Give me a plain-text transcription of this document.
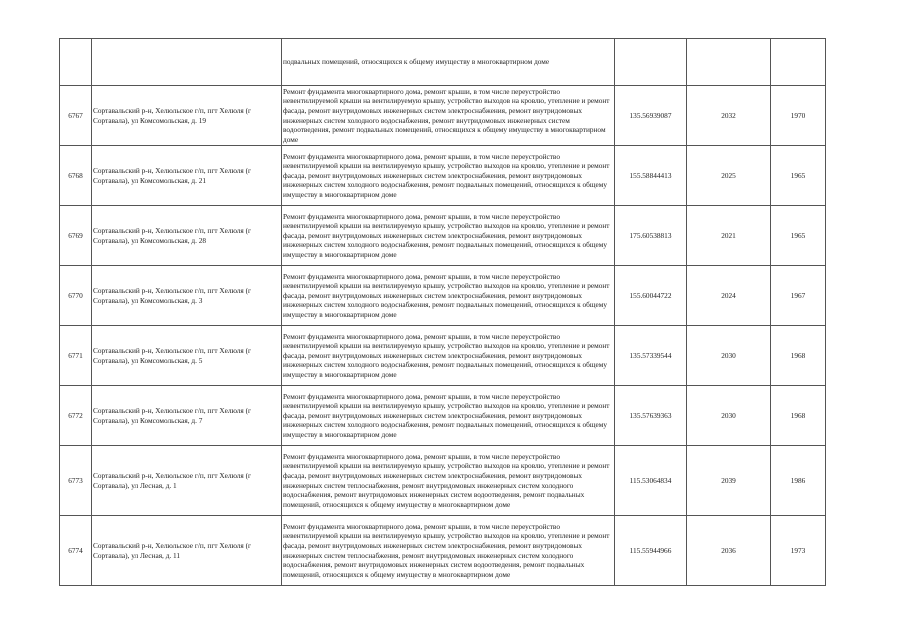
		подвальных помещений, относящихся к общему имуществу в многоквартирном доме			
6767	Сортавальский р-н, Хелюльское г/п, пгт Хелюля (г Сортавала), ул Комсомольская, д. 19	Ремонт фундамента многоквартирного дома, ремонт крыши, в том числе переустройство невентилируемой крыши на вентилируемую крышу, устройство выходов на кровлю, утепление и ремонт фасада, ремонт внутридомовых инженерных систем электроснабжения, ремонт внутридомовых инженерных систем холодного водоснабжения, ремонт внутридомовых инженерных систем водоотведения, ремонт подвальных помещений, относящихся к общему имуществу в многоквартирном доме	135.56939087	2032	1970
6768	Сортавальский р-н, Хелюльское г/п, пгт Хелюля (г Сортавала), ул Комсомольская, д. 21	Ремонт фундамента многоквартирного дома, ремонт крыши, в том числе переустройство невентилируемой крыши на вентилируемую крышу, устройство выходов на кровлю, утепление и ремонт фасада, ремонт внутридомовых инженерных систем электроснабжения, ремонт внутридомовых инженерных систем холодного водоснабжения, ремонт подвальных помещений, относящихся к общему имуществу в многоквартирном доме	155.58844413	2025	1965
6769	Сортавальский р-н, Хелюльское г/п, пгт Хелюля (г Сортавала), ул Комсомольская, д. 28	Ремонт фундамента многоквартирного дома, ремонт крыши, в том числе переустройство невентилируемой крыши на вентилируемую крышу, устройство выходов на кровлю, утепление и ремонт фасада, ремонт внутридомовых инженерных систем электроснабжения, ремонт внутридомовых инженерных систем холодного водоснабжения, ремонт подвальных помещений, относящихся к общему имуществу в многоквартирном доме	175.60538813	2021	1965
6770	Сортавальский р-н, Хелюльское г/п, пгт Хелюля (г Сортавала), ул Комсомольская, д. 3	Ремонт фундамента многоквартирного дома, ремонт крыши, в том числе переустройство невентилируемой крыши на вентилируемую крышу, устройство выходов на кровлю, утепление и ремонт фасада, ремонт внутридомовых инженерных систем электроснабжения, ремонт внутридомовых инженерных систем холодного водоснабжения, ремонт подвальных помещений, относящихся к общему имуществу в многоквартирном доме	155.60044722	2024	1967
6771	Сортавальский р-н, Хелюльское г/п, пгт Хелюля (г Сортавала), ул Комсомольская, д. 5	Ремонт фундамента многоквартирного дома, ремонт крыши, в том числе переустройство невентилируемой крыши на вентилируемую крышу, устройство выходов на кровлю, утепление и ремонт фасада, ремонт внутридомовых инженерных систем электроснабжения, ремонт внутридомовых инженерных систем холодного водоснабжения, ремонт подвальных помещений, относящихся к общему имуществу в многоквартирном доме	135.57339544	2030	1968
6772	Сортавальский р-н, Хелюльское г/п, пгт Хелюля (г Сортавала), ул Комсомольская, д. 7	Ремонт фундамента многоквартирного дома, ремонт крыши, в том числе переустройство невентилируемой крыши на вентилируемую крышу, устройство выходов на кровлю, утепление и ремонт фасада, ремонт внутридомовых инженерных систем электроснабжения, ремонт внутридомовых инженерных систем холодного водоснабжения, ремонт подвальных помещений, относящихся к общему имуществу в многоквартирном доме	135.57639363	2030	1968
6773	Сортавальский р-н, Хелюльское г/п, пгт Хелюля (г Сортавала), ул Лесная, д. 1	Ремонт фундамента многоквартирного дома, ремонт крыши, в том числе переустройство невентилируемой крыши на вентилируемую крышу, устройство выходов на кровлю, утепление и ремонт фасада, ремонт внутридомовых инженерных систем электроснабжения, ремонт внутридомовых инженерных систем теплоснабжения, ремонт внутридомовых инженерных систем холодного водоснабжения, ремонт внутридомовых инженерных систем водоотведения, ремонт подвальных помещений, относящихся к общему имуществу в многоквартирном доме	115.53064834	2039	1986
6774	Сортавальский р-н, Хелюльское г/п, пгт Хелюля (г Сортавала), ул Лесная, д. 11	Ремонт фундамента многоквартирного дома, ремонт крыши, в том числе переустройство невентилируемой крыши на вентилируемую крышу, устройство выходов на кровлю, утепление и ремонт фасада, ремонт внутридомовых инженерных систем электроснабжения, ремонт внутридомовых инженерных систем теплоснабжения, ремонт внутридомовых инженерных систем холодного водоснабжения, ремонт внутридомовых инженерных систем водоотведения, ремонт подвальных помещений, относящихся к общему имуществу в многоквартирном доме	115.55944966	2036	1973
